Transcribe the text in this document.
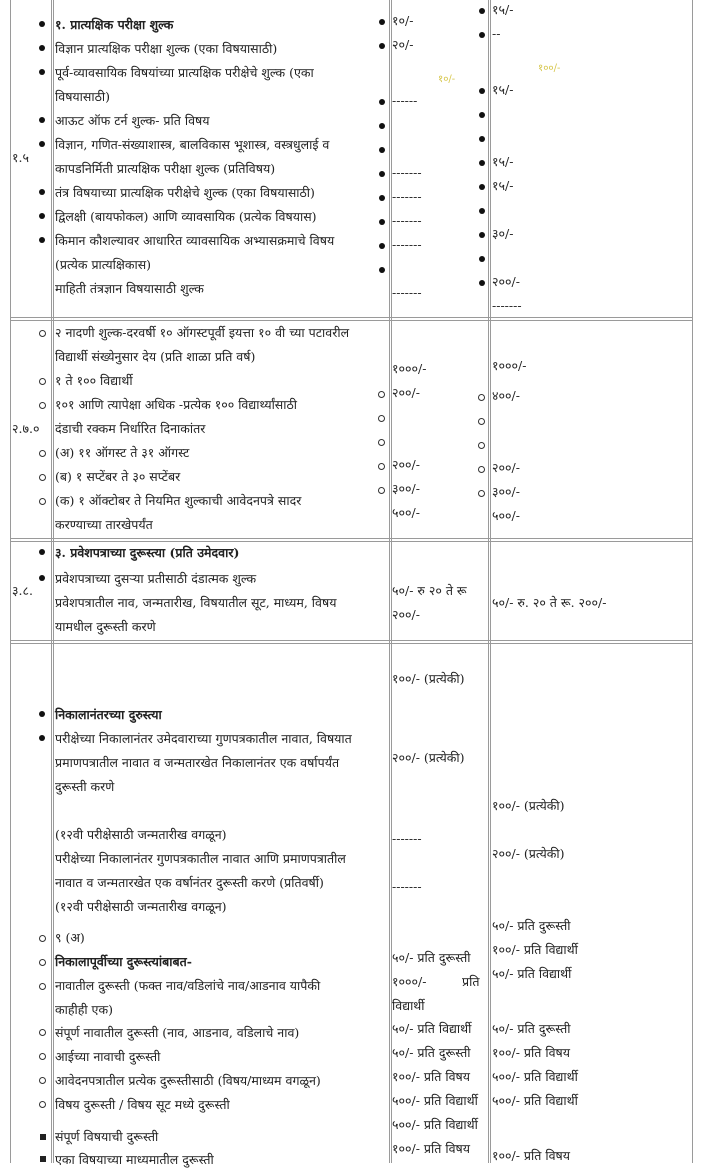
१.५
१. प्रात्यक्षिक परीक्षा शुल्क
विज्ञान प्रात्यक्षिक परीक्षा शुल्क (एका विषयासाठी)
पूर्व-व्यावसायिक विषयांच्या प्रात्यक्षिक परीक्षेचे शुल्क (एका
विषयासाठी)
आऊट ऑफ टर्न शुल्क- प्रति विषय
विज्ञान, गणित-संख्याशास्त्र, बालविकास भूशास्त्र, वस्त्रधुलाई व
कापडनिर्मिती प्रात्यक्षिक परीक्षा शुल्क (प्रतिविषय)
तंत्र विषयाच्या प्रात्यक्षिक परीक्षेचे शुल्क (एका विषयासाठी)
द्विलक्षी (बायफोकल) आणि व्यावसायिक (प्रत्येक विषयास)
किमान कौशल्यावर आधारित व्यावसायिक अभ्यासक्रमाचे विषय
(प्रत्येक प्रात्यक्षिकास)
माहिती तंत्रज्ञान विषयासाठी शुल्क
१०/-
२०/-
------
-------
-------
-------
-------
-------
१५/-
--
१५/-
१५/-
१५/-
३०/-
२००/-
-------
१०/-
१००/-
२.७.०
२ नादणी शुल्क-दरवर्षी १० ऑगस्टपूर्वी इयत्ता १० वी च्या पटावरील
विद्यार्थी संख्येनुसार देय (प्रति शाळा प्रति वर्ष)
१ ते १०० विद्यार्थी
१०१ आणि त्यापेक्षा अधिक -प्रत्येक १०० विद्यार्थ्यांसाठी
दंडाची रक्कम निर्धारित दिनाकांतर
(अ) ११ ऑगस्ट ते ३१ ऑगस्ट
(ब) १ सप्टेंबर ते ३० सप्टेंबर
(क) १ ऑक्टोबर ते नियमित शुल्काची आवेदनपत्रे सादर
करण्याच्या तारखेपर्यंत
१०००/-
२००/-
२००/-
३००/-
५००/-
१०००/-
४००/-
२००/-
३००/-
५००/-
३.८.
३. प्रवेशपत्राच्या दुरूस्त्या (प्रति उमेदवार)
प्रवेशपत्राच्या दुसऱ्या प्रतीसाठी दंडात्मक शुल्क
प्रवेशपत्रातील नाव, जन्मतारीख, विषयातील सूट, माध्यम, विषय
यामधील दुरूस्ती करणे
५०/- रु २० ते रू
२००/-
५०/- रु. २० ते रू. २००/-
निकालानंतरच्या दुरुस्त्या
परीक्षेच्या निकालानंतर उमेदवाराच्या गुणपत्रकातील नावात, विषयात
प्रमाणपत्रातील नावात व जन्मतारखेत निकालानंतर एक वर्षापर्यंत
दुरूस्ती करणे
(१२वी परीक्षेसाठी जन्मतारीख वगळून)
परीक्षेच्या निकालानंतर गुणपत्रकातील नावात आणि प्रमाणपत्रातील
नावात व जन्मतारखेत एक वर्षानंतर दुरूस्ती करणे (प्रतिवर्षी)
(१२वी परीक्षेसाठी जन्मतारीख वगळून)
९ (अ)
निकालापूर्वीच्या दुरूस्त्यांबाबत-
नावातील दुरूस्ती (फक्त नाव/वडिलांचे नाव/आडनाव यापैकी
काहीही एक)
संपूर्ण नावातील दुरूस्ती (नाव, आडनाव, वडिलाचे नाव)
आईच्या नावाची दुरूस्ती
आवेदनपत्रातील प्रत्येक दुरूस्तीसाठी (विषय/माध्यम वगळून)
विषय दुरूस्ती / विषय सूट मध्ये दुरूस्ती
संपूर्ण विषयाची दुरूस्ती
एका विषयाच्या माध्यमातील दुरूस्ती
१००/- (प्रत्येकी)
२००/- (प्रत्येकी)
-------
-------
५०/- प्रति दुरूस्ती
१०००/-	प्रति
विद्यार्थी
५०/- प्रति विद्यार्थी
५०/- प्रति दुरूस्ती
१००/- प्रति विषय
५००/- प्रति विद्यार्थी
५००/- प्रति विद्यार्थी
१००/- प्रति विषय
१००/- (प्रत्येकी)
२००/- (प्रत्येकी)
५०/- प्रति दुरूस्ती
१००/- प्रति विद्यार्थी
५०/- प्रति विद्यार्थी
५०/- प्रति दुरूस्ती
१००/- प्रति विषय
५००/- प्रति विद्यार्थी
५००/- प्रति विद्यार्थी
१००/- प्रति विषय
